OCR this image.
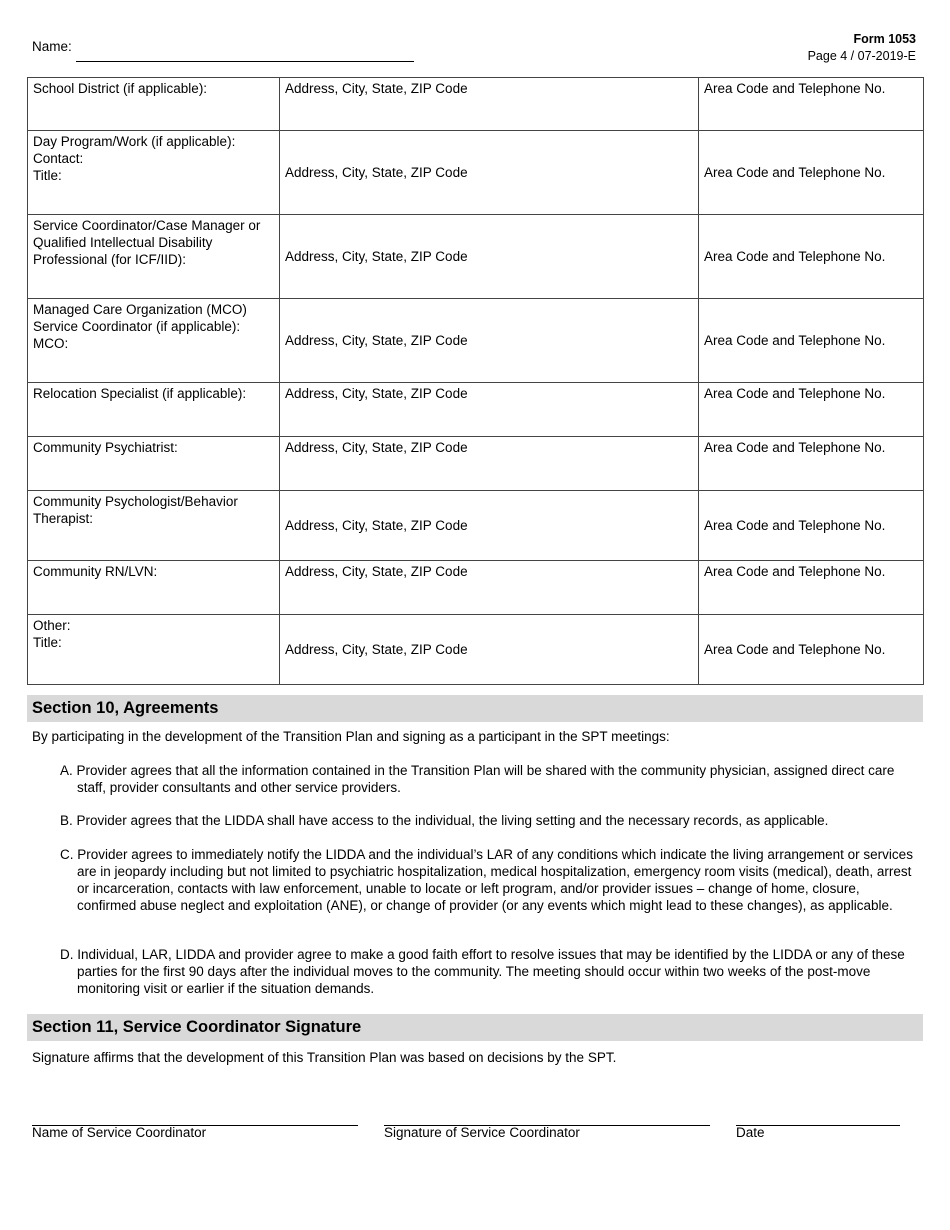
Name:	Form 1053
Page 4 / 07-2019-E
School District (if applicable):	Address, City, State, ZIP Code	Area Code and Telephone No.
Day Program/Work (if applicable):
Contact:
Title:	Address, City, State, ZIP Code	Area Code and Telephone No.
Service Coordinator/Case Manager or Qualified Intellectual Disability Professional (for ICF/IID):	Address, City, State, ZIP Code	Area Code and Telephone No.
Managed Care Organization (MCO) Service Coordinator (if applicable):
MCO:	Address, City, State, ZIP Code	Area Code and Telephone No.
Relocation Specialist (if applicable):	Address, City, State, ZIP Code	Area Code and Telephone No.
Community Psychiatrist:	Address, City, State, ZIP Code	Area Code and Telephone No.
Community Psychologist/Behavior Therapist:	Address, City, State, ZIP Code	Area Code and Telephone No.
Community RN/LVN:	Address, City, State, ZIP Code	Area Code and Telephone No.
Other:
Title:	Address, City, State, ZIP Code	Area Code and Telephone No.
Section 10, Agreements
By participating in the development of the Transition Plan and signing as a participant in the SPT meetings:
A. Provider agrees that all the information contained in the Transition Plan will be shared with the community physician, assigned direct care staff, provider consultants and other service providers.
B. Provider agrees that the LIDDA shall have access to the individual, the living setting and the necessary records, as applicable.
C. Provider agrees to immediately notify the LIDDA and the individual’s LAR of any conditions which indicate the living arrangement or services are in jeopardy including but not limited to psychiatric hospitalization, medical hospitalization, emergency room visits (medical), death, arrest or incarceration, contacts with law enforcement, unable to locate or left program, and/or provider issues – change of home, closure, confirmed abuse neglect and exploitation (ANE), or change of provider (or any events which might lead to these changes), as applicable.
D. Individual, LAR, LIDDA and provider agree to make a good faith effort to resolve issues that may be identified by the LIDDA or any of these parties for the first 90 days after the individual moves to the community. The meeting should occur within two weeks of the post-move monitoring visit or earlier if the situation demands.
Section 11, Service Coordinator Signature
Signature affirms that the development of this Transition Plan was based on decisions by the SPT.
Name of Service Coordinator	Signature of Service Coordinator	Date
